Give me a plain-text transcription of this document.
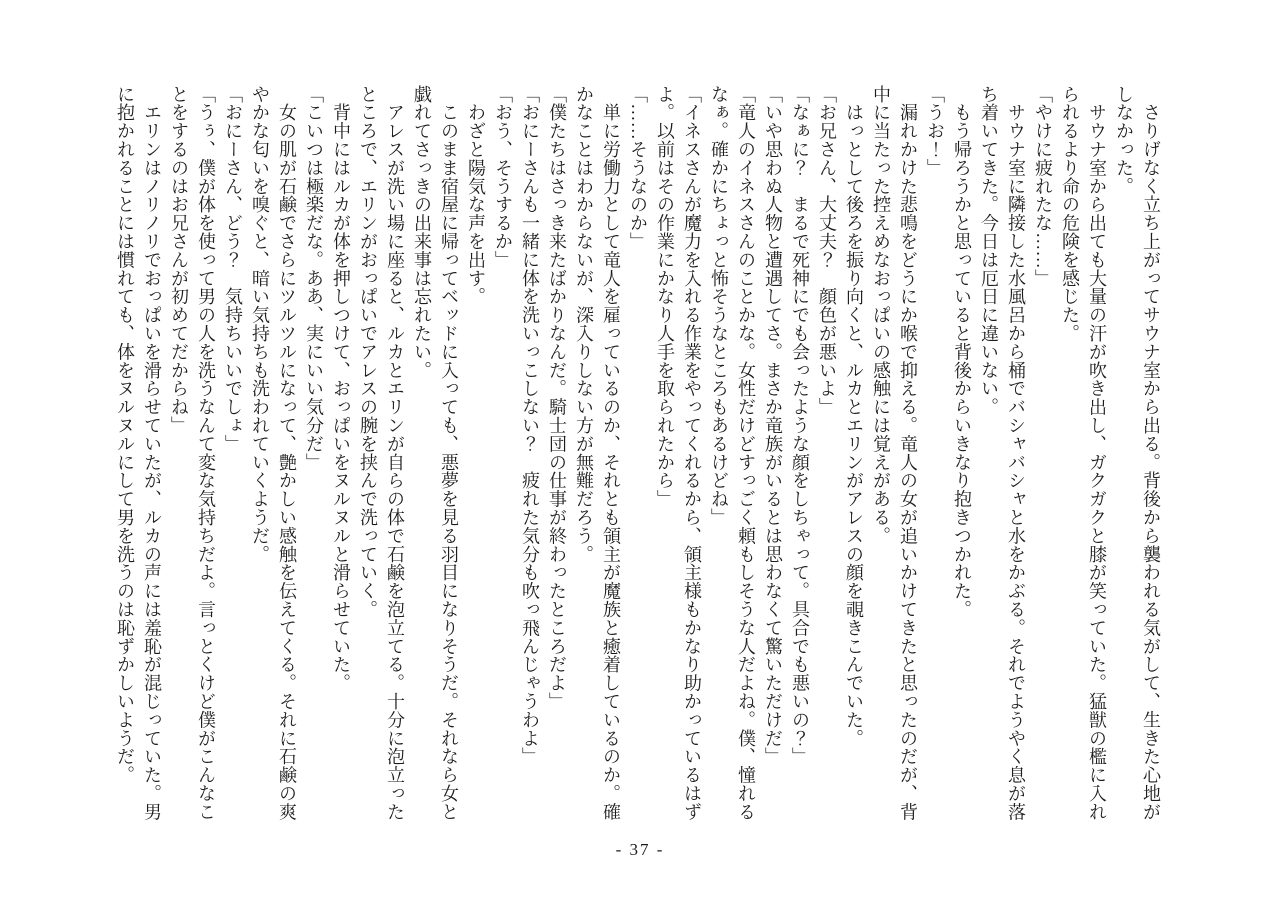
　さりげなく立ち上がってサウナ室から出る。背後から襲われる気がして、生きた心地が

しなかった。

　サウナ室から出ても大量の汗が吹き出し、ガクガクと膝が笑っていた。猛獣の檻に入れ

られるより命の危険を感じた。

「やけに疲れたな……」

　サウナ室に隣接した水風呂から桶でバシャバシャと水をかぶる。それでようやく息が落

ち着いてきた。今日は厄日に違いない。

　もう帰ろうかと思っていると背後からいきなり抱きつかれた。

「うお！」

　漏れかけた悲鳴をどうにか喉で抑える。竜人の女が追いかけてきたと思ったのだが、背

中に当たった控えめなおっぱいの感触には覚えがある。

　はっとして後ろを振り向くと、ルカとエリンがアレスの顔を覗きこんでいた。

「お兄さん、大丈夫？　顔色が悪いよ」

「なぁに？　まるで死神にでも会ったような顔をしちゃって。具合でも悪いの？」

「いや思わぬ人物と遭遇してさ。まさか竜族がいるとは思わなくて驚いただけだ」

「竜人のイネスさんのことかな。女性だけどすっごく頼もしそうな人だよね。僕、憧れる

なぁ。確かにちょっと怖そうなところもあるけどね」

「イネスさんが魔力を入れる作業をやってくれるから、領主様もかなり助かっているはず

よ。以前はその作業にかなり人手を取られたから」

「……そうなのか」

　単に労働力として竜人を雇っているのか、それとも領主が魔族と癒着しているのか。確

かなことはわからないが、深入りしない方が無難だろう。

「僕たちはさっき来たばかりなんだ。騎士団の仕事が終わったところだよ」

「おにーさんも一緒に体を洗いっこしない？　疲れた気分も吹っ飛んじゃうわよ」

「おう、そうするか」

　わざと陽気な声を出す。

　このまま宿屋に帰ってベッドに入っても、悪夢を見る羽目になりそうだ。それなら女と

戯れてさっきの出来事は忘れたい。

　アレスが洗い場に座ると、ルカとエリンが自らの体で石鹸を泡立てる。十分に泡立った

ところで、エリンがおっぱいでアレスの腕を挟んで洗っていく。

　背中にはルカが体を押しつけて、おっぱいをヌルヌルと滑らせていた。

「こいつは極楽だな。ああ、実にいい気分だ」

　女の肌が石鹸でさらにツルツルになって、艶かしい感触を伝えてくる。それに石鹸の爽

やかな匂いを嗅ぐと、暗い気持ちも洗われていくようだ。

「おにーさん、どう？　気持ちいいでしょ」

「うぅ、僕が体を使って男の人を洗うなんて変な気持ちだよ。言っとくけど僕がこんなこ

とをするのはお兄さんが初めてだからね」

　エリンはノリノリでおっぱいを滑らせていたが、ルカの声には羞恥が混じっていた。男

に抱かれることには慣れても、体をヌルヌルにして男を洗うのは恥ずかしいようだ。

- 37 -
